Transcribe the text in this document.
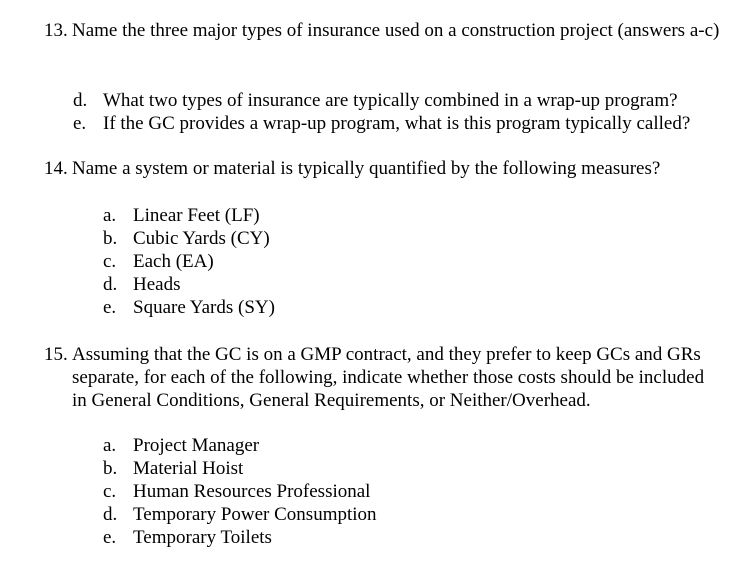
13. Name the three major types of insurance used on a construction project (answers a-c)
d. What two types of insurance are typically combined in a wrap-up program?
e. If the GC provides a wrap-up program, what is this program typically called?
14. Name a system or material is typically quantified by the following measures?
a. Linear Feet (LF)
b. Cubic Yards (CY)
c. Each (EA)
d. Heads
e. Square Yards (SY)
15. Assuming that the GC is on a GMP contract, and they prefer to keep GCs and GRs separate, for each of the following, indicate whether those costs should be included in General Conditions, General Requirements, or Neither/Overhead.
a. Project Manager
b. Material Hoist
c. Human Resources Professional
d. Temporary Power Consumption
e. Temporary Toilets
